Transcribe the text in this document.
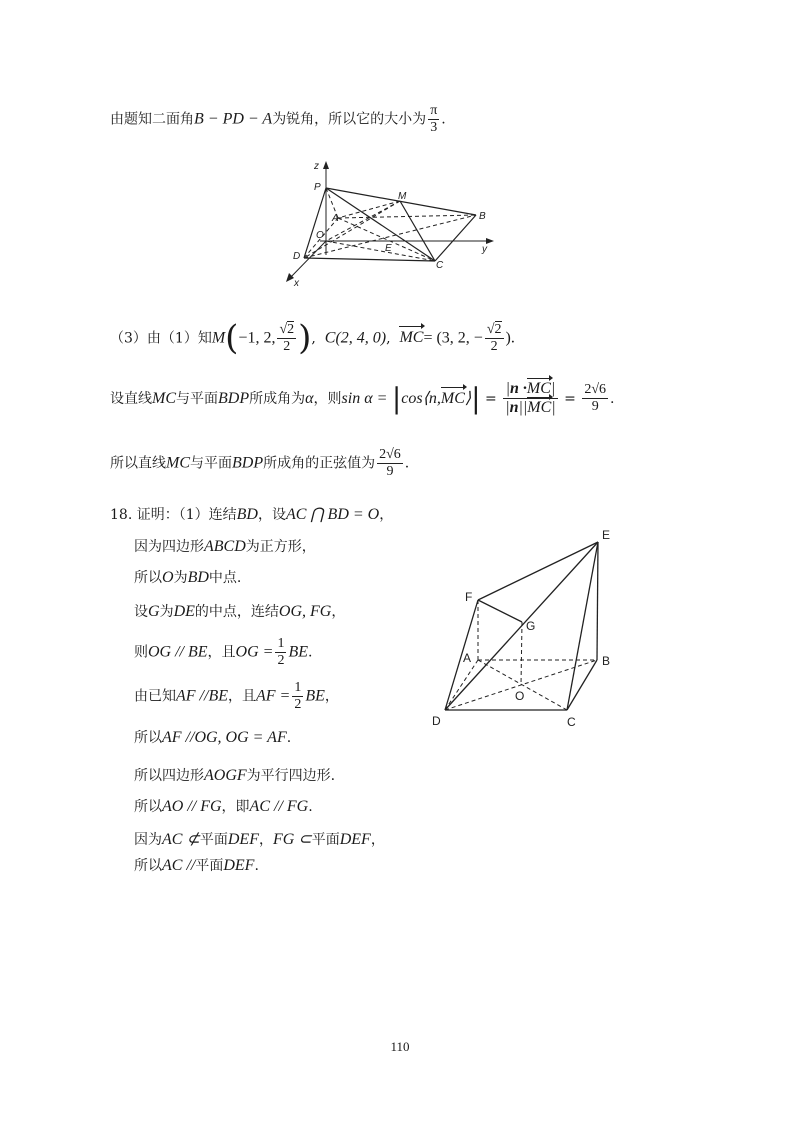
由题知二面角B − PD − A为锐角，所以它的大小为 $\frac{\pi}{3}$ .
z
P
M
A	B
O
E	y
D
C
x
（3）由（1）知M(−1, 2, $\frac{√2}{2}$ ),  C(2, 4, 0),  MC= (3, 2, − $\frac{√2}{2}$ ).
设直线MC与平面BDP所成角为α，则sin α = |cos⟨n,MC⟩| = $\frac{|n \cdot MC|}{|n||MC|} = \frac{2√6}{9}$ .
所以直线MC与平面BDP所成角的正弦值为 $\frac{2√6}{9}$ .
18. 证明：（1）连结BD，设AC ⋂ BD = O，
因为四边形ABCD为正方形，
所以O为BD中点.
设G为DE的中点，连结OG, FG，
则OG // BE，且OG = $\frac{1}{2}$ BE.
由已知AF //BE，且AF = $\frac{1}{2}$ BE，
所以AF //OG, OG = AF.
所以四边形AOGF为平行四边形.
所以AO // FG，即AC // FG.
因为AC ⊄平面DEF，FG ⊂平面DEF，
所以AC //平面DEF.
E
F
G
A	B
O
D	C
110
